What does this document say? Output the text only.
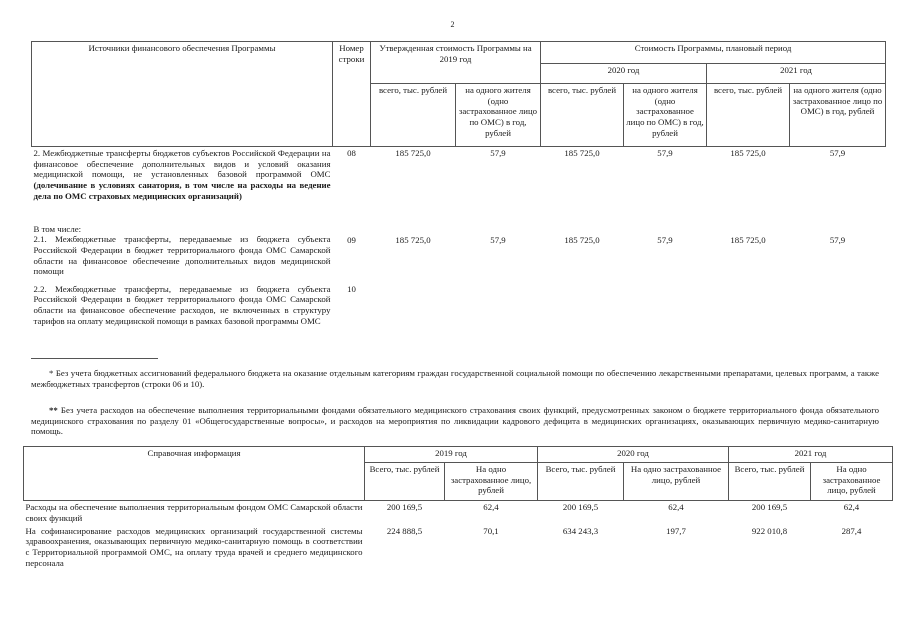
2
Источники финансового обеспечения Программы	Номер строки	Утвержденная стоимость Программы на 2019 год		Стоимость Программы, плановый период			
				2020 год		2021 год	
		всего, тыс. рублей	на одного жителя (одно застрахованное лицо по ОМС) в год, рублей	всего, тыс. рублей	на одного жителя (одно застрахованное лицо по ОМС) в год, рублей	всего, тыс. рублей	на одного жителя (одно застрахованное лицо по ОМС) в год, рублей
2. Межбюджетные трансферты бюджетов субъектов Российской Федерации на финансовое обеспечение дополнительных видов и условий оказания медицинской помощи, не установленных базовой программой ОМС (долечивание в условиях санатория, в том числе на расходы на ведение дела по ОМС страховых медицинских организаций)	08	185 725,0	57,9	185 725,0	57,9	185 725,0	57,9

В том числе:
2.1. Межбюджетные трансферты, передаваемые из бюджета субъекта Российской Федерации в бюджет территориального фонда ОМС Самарской области на финансовое обеспечение дополнительных видов медицинской помощи	09	185 725,0	57,9	185 725,0	57,9	185 725,0	57,9
2.2. Межбюджетные трансферты, передаваемые из бюджета субъекта Российской Федерации в бюджет территориального фонда ОМС Самарской области на финансовое обеспечение расходов, не включенных в структуру тарифов на оплату медицинской помощи в рамках базовой программы ОМС	10						
* Без учета бюджетных ассигнований федерального бюджета на оказание отдельным категориям граждан государственной социальной помощи по обеспечению лекарственными препаратами, целевых программ, а также межбюджетных трансфертов (строки 06 и 10).
** Без учета расходов на обеспечение выполнения территориальными фондами обязательного медицинского страхования своих функций, предусмотренных законом о бюджете территориального фонда обязательного медицинского страхования по разделу 01 «Общегосударственные вопросы», и расходов на мероприятия по ликвидации кадрового дефицита в медицинских организациях, оказывающих первичную медико-санитарную помощь.
Справочная информация	2019 год		2020 год		2021 год	
	Всего, тыс. рублей	На одно застрахованное лицо, рублей	Всего, тыс. рублей	На одно застрахованное лицо, рублей	Всего, тыс. рублей	На одно застрахованное лицо, рублей
Расходы на обеспечение выполнения территориальным фондом ОМС Самарской области своих функций	200 169,5	62,4	200 169,5	62,4	200 169,5	62,4
На софинансирование расходов медицинских организаций государственной системы здравоохранения, оказывающих первичную медико-санитарную помощь в соответствии с Территориальной программой ОМС, на оплату труда врачей и среднего медицинского персонала	224 888,5	70,1	634 243,3	197,7	922 010,8	287,4
